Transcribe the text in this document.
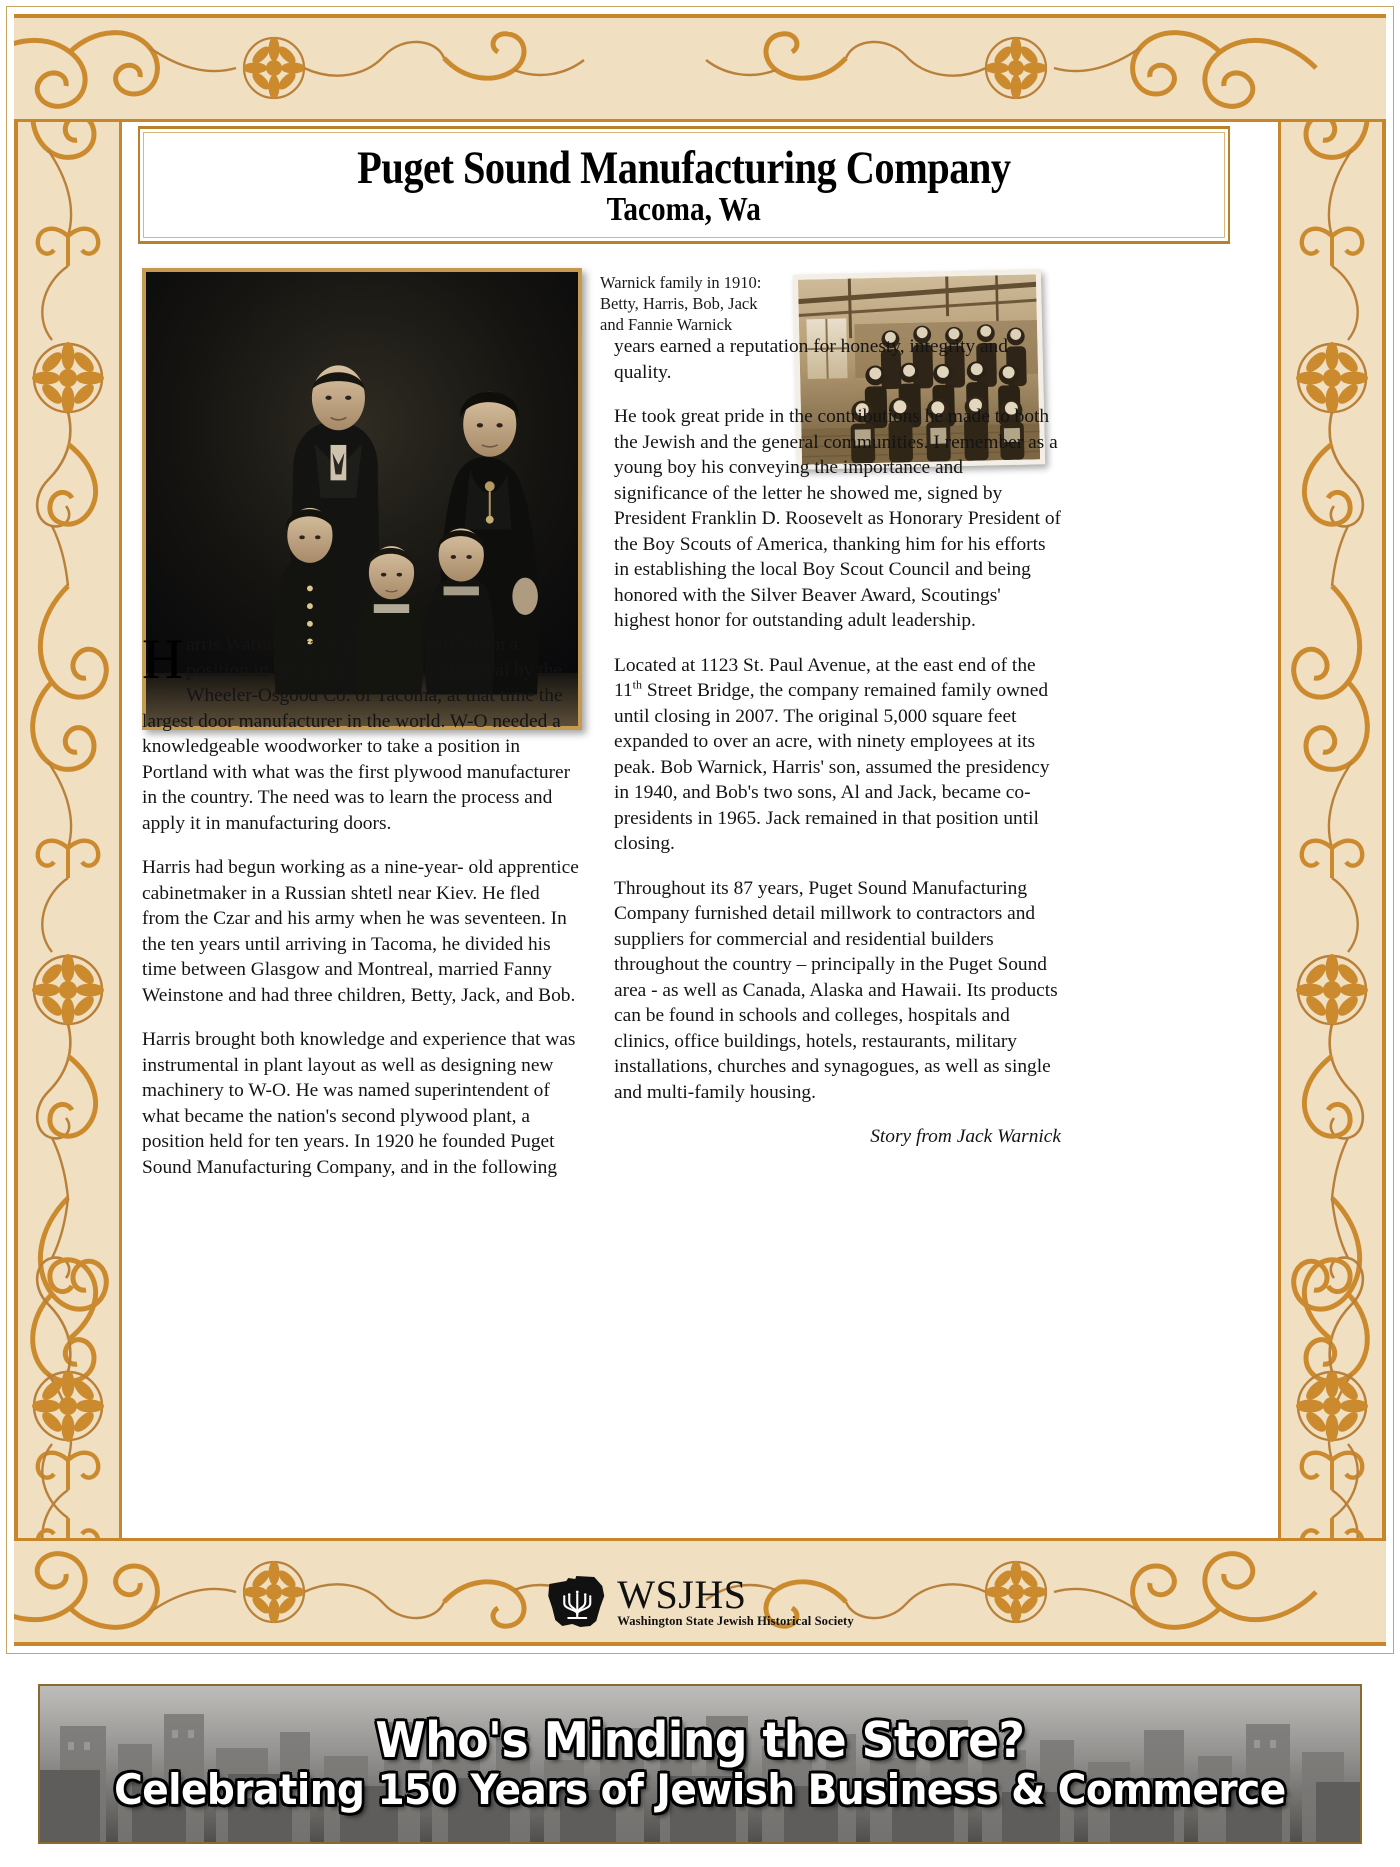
Puget Sound Manufacturing Company
Tacoma, Wa
Warnick family in 1910: Betty, Harris, Bob, Jack and Fannie Warnick

Harris Warnick was recruited in 1907 from a position in the wood industry in Montreal by the Wheeler-Osgood Co. of Tacoma, at that time the largest door manufacturer in the world. W-O needed a knowledgeable woodworker to take a position in Portland with what was the first plywood manufacturer in the country. The need was to learn the process and apply it in manufacturing doors.

Harris had begun working as a nine-year- old apprentice cabinetmaker in a Russian shtetl near Kiev. He fled from the Czar and his army when he was seventeen. In the ten years until arriving in Tacoma, he divided his time between Glasgow and Montreal, married Fanny Weinstone and had three children, Betty, Jack, and Bob.

Harris brought both knowledge and experience that was instrumental in plant layout as well as designing new machinery to W-O. He was named superintendent of what became the nation's second plywood plant, a position held for ten years. In 1920 he founded Puget Sound Manufacturing Company, and in the following

years earned a reputation for honesty, integrity and quality.

He took great pride in the contributions he made to both the Jewish and the general communities. I remember as a young boy his conveying the importance and significance of the letter he showed me, signed by President Franklin D. Roosevelt as Honorary President of the Boy Scouts of America, thanking him for his efforts in establishing the local Boy Scout Council and being honored with the Silver Beaver Award, Scoutings' highest honor for outstanding adult leadership.

Located at 1123 St. Paul Avenue, at the east end of the 11th Street Bridge, the company remained family owned until closing in 2007. The original 5,000 square feet expanded to over an acre, with ninety employees at its peak. Bob Warnick, Harris' son, assumed the presidency in 1940, and Bob's two sons, Al and Jack, became co-presidents in 1965. Jack remained in that position until closing.

Throughout its 87 years, Puget Sound Manufacturing Company furnished detail millwork to contractors and suppliers for commercial and residential builders throughout the country – principally in the Puget Sound area - as well as Canada, Alaska and Hawaii. Its products can be found in schools and colleges, hospitals and clinics, office buildings, hotels, restaurants, military installations, churches and synagogues, as well as single and multi-family housing.

Story from Jack Warnick

WSJHS
Washington State Jewish Historical Society
Who's Minding the Store?
Celebrating 150 Years of Jewish Business & Commerce
